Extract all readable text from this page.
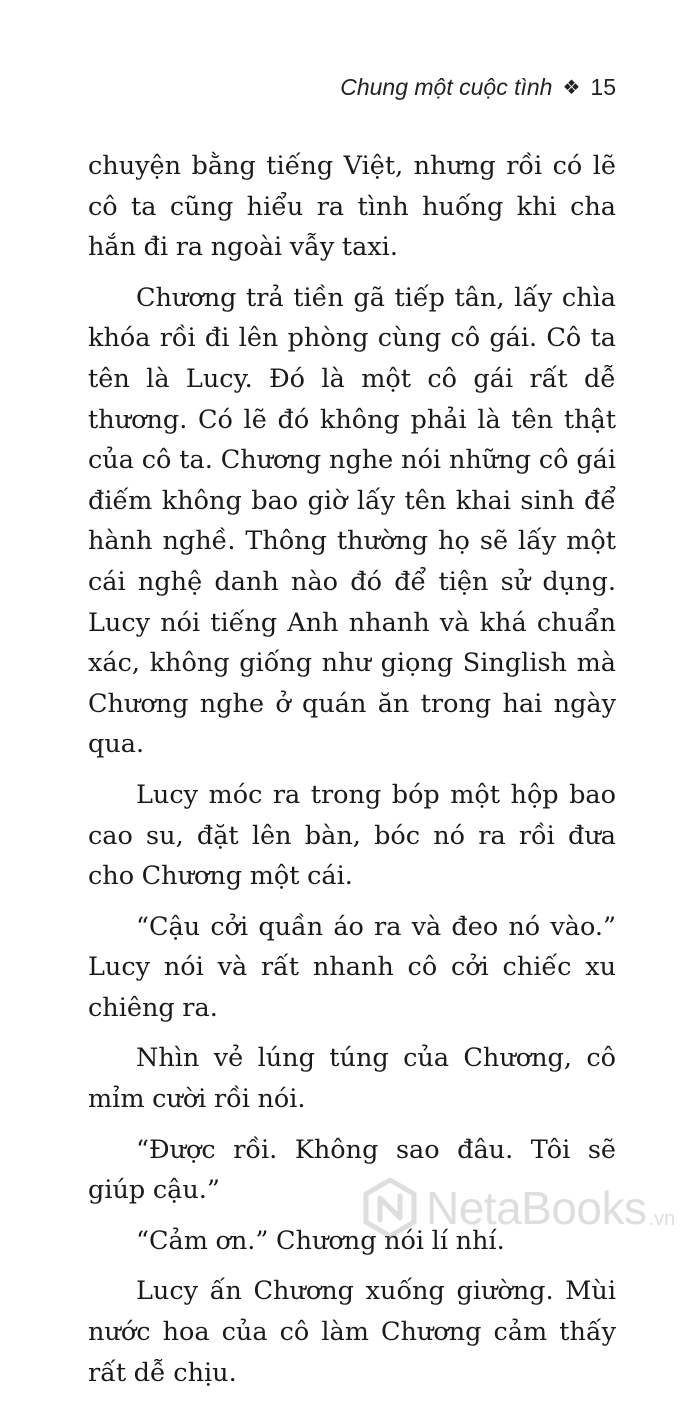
Chung một cuộc tình ❖ 15

chuyện bằng tiếng Việt, nhưng rồi có lẽ cô ta cũng hiểu ra tình huống khi cha hắn đi ra ngoài vẫy taxi.

Chương trả tiền gã tiếp tân, lấy chìa khóa rồi đi lên phòng cùng cô gái. Cô ta tên là Lucy. Đó là một cô gái rất dễ thương. Có lẽ đó không phải là tên thật của cô ta. Chương nghe nói những cô gái điếm không bao giờ lấy tên khai sinh để hành nghề. Thông thường họ sẽ lấy một cái nghệ danh nào đó để tiện sử dụng. Lucy nói tiếng Anh nhanh và khá chuẩn xác, không giống như giọng Singlish mà Chương nghe ở quán ăn trong hai ngày qua.

Lucy móc ra trong bóp một hộp bao cao su, đặt lên bàn, bóc nó ra rồi đưa cho Chương một cái.

“Cậu cởi quần áo ra và đeo nó vào.” Lucy nói và rất nhanh cô cởi chiếc xu chiêng ra.

Nhìn vẻ lúng túng của Chương, cô mỉm cười rồi nói.

“Được rồi. Không sao đâu. Tôi sẽ giúp cậu.”

“Cảm ơn.” Chương nói lí nhí.

Lucy ấn Chương xuống giường. Mùi nước hoa của cô làm Chương cảm thấy rất dễ chịu.

NetaBooks .vn
